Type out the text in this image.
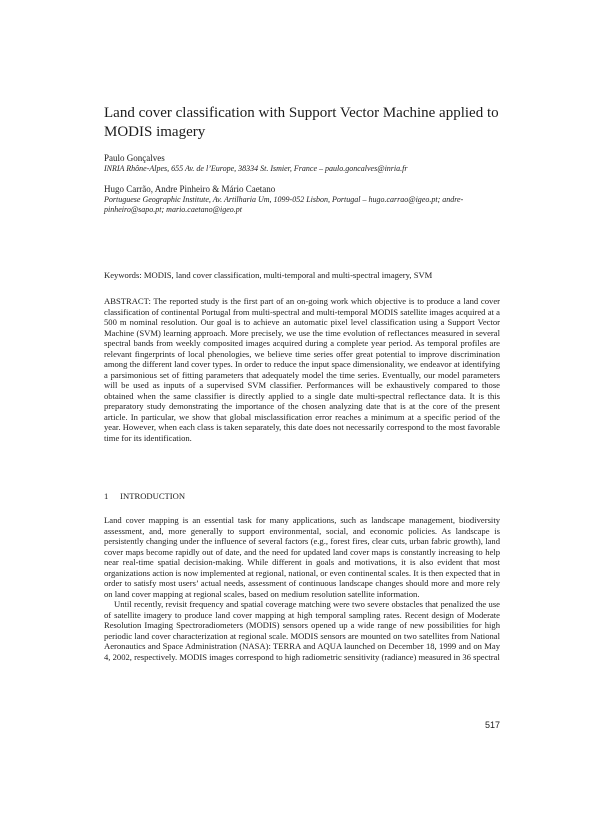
Land cover classification with Support Vector Machine applied to MODIS imagery
Paulo Gonçalves
INRIA Rhône-Alpes, 655 Av. de l’Europe, 38334 St. Ismier, France – paulo.goncalves@inria.fr
Hugo Carrão, Andre Pinheiro & Mário Caetano
Portuguese Geographic Institute, Av. Artilharia Um, 1099-052 Lisbon, Portugal – hugo.carrao@igeo.pt; andre-pinheiro@sapo.pt; mario.caetano@igeo.pt
Keywords: MODIS, land cover classification, multi-temporal and multi-spectral imagery, SVM

ABSTRACT: The reported study is the first part of an on-going work which objective is to produce a land cover classification of continental Portugal from multi-spectral and multi-temporal MODIS satellite images acquired at a 500 m nominal resolution. Our goal is to achieve an automatic pixel level classification using a Support Vector Machine (SVM) learning approach. More precisely, we use the time evolution of reflectances measured in several spectral bands from weekly composited images acquired during a complete year period. As temporal profiles are relevant fingerprints of local phenologies, we believe time series offer great potential to improve discrimination among the different land cover types. In order to reduce the input space dimensionality, we endeavor at identifying a parsimonious set of fitting parameters that adequately model the time series. Eventually, our model parameters will be used as inputs of a supervised SVM classifier. Performances will be exhaustively compared to those obtained when the same classifier is directly applied to a single date multi-spectral reflectance data. It is this preparatory study demonstrating the importance of the chosen analyzing date that is at the core of the present article. In particular, we show that global misclassification error reaches a minimum at a specific period of the year. However, when each class is taken separately, this date does not necessarily correspond to the most favorable time for its identification.

1 INTRODUCTION

Land cover mapping is an essential task for many applications, such as landscape management, biodiversity assessment, and, more generally to support environmental, social, and economic policies. As landscape is persistently changing under the influence of several factors (e.g., forest fires, clear cuts, urban fabric growth), land cover maps become rapidly out of date, and the need for updated land cover maps is constantly increasing to help near real-time spatial decision-making. While different in goals and motivations, it is also evident that most organizations action is now implemented at regional, national, or even continental scales. It is then expected that in order to satisfy most users’ actual needs, assessment of continuous landscape changes should more and more rely on land cover mapping at regional scales, based on medium resolution satellite information.

Until recently, revisit frequency and spatial coverage matching were two severe obstacles that penalized the use of satellite imagery to produce land cover mapping at high temporal sampling rates. Recent design of Moderate Resolution Imaging Spectroradiometers (MODIS) sensors opened up a wide range of new possibilities for high periodic land cover characterization at regional scale. MODIS sensors are mounted on two satellites from National Aeronautics and Space Administration (NASA): TERRA and AQUA launched on December 18, 1999 and on May 4, 2002, respectively. MODIS images correspond to high radiometric sensitivity (radiance) measured in 36 spectral

517
